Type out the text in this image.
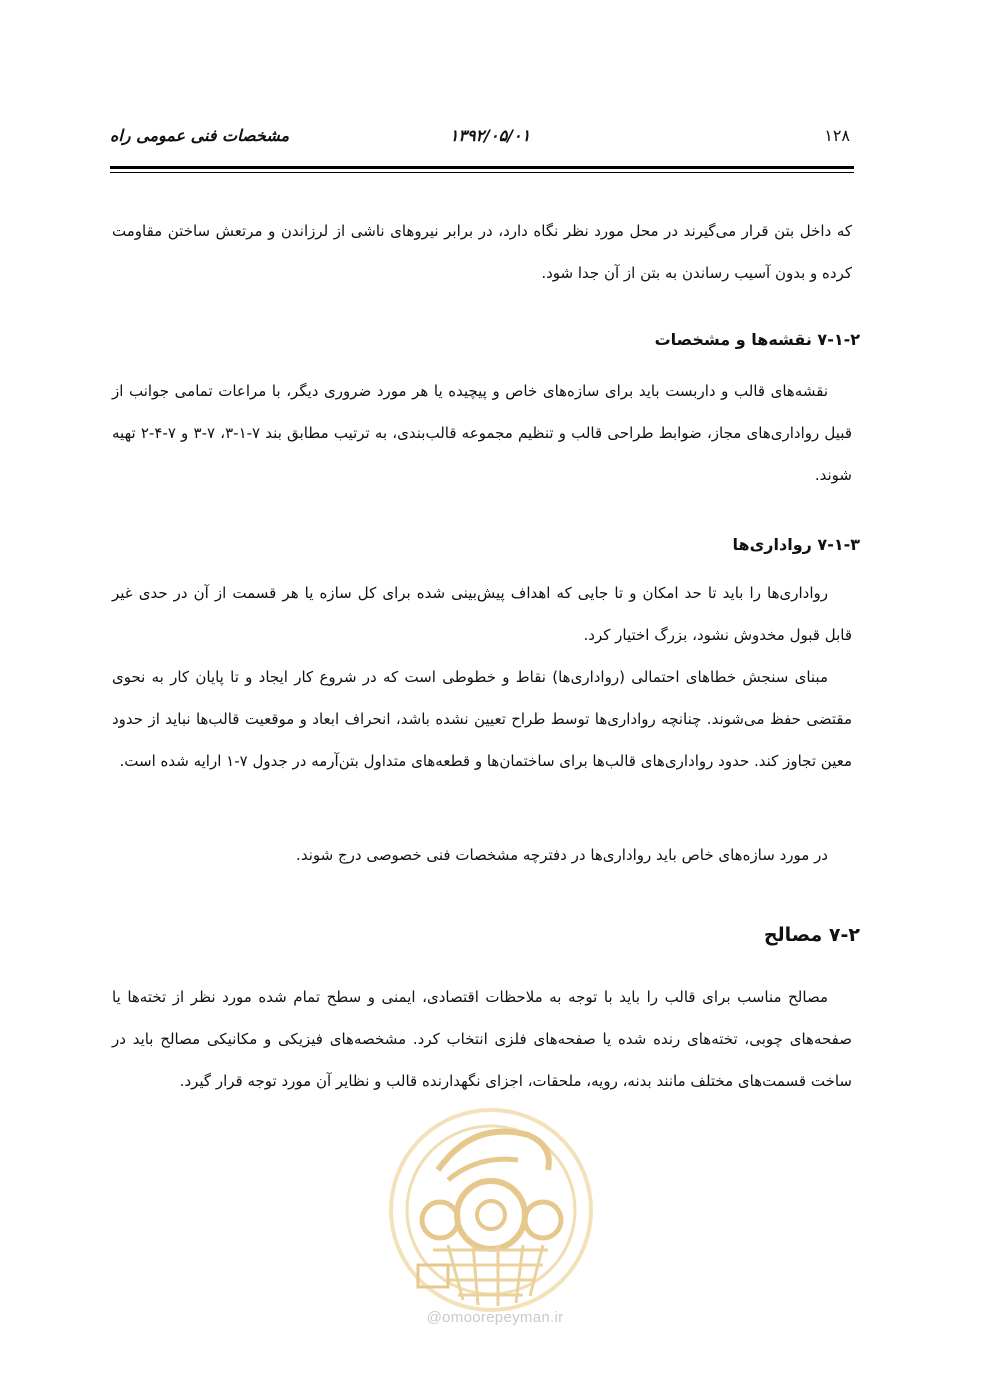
۱۲۸
۱۳۹۲/۰۵/۰۱
مشخصات فنی عمومی راه
که داخل بتن قرار می‌گیرند در محل مورد نظر نگاه دارد، در برابر نیروهای ناشی از لرزاندن و مرتعش ساختن مقاومت کرده و بدون آسیب رساندن به بتن از آن جدا شود.
۷-۱-۲ نقشه‌ها و مشخصات
نقشه‌های قالب و داربست باید برای سازه‌های خاص و پیچیده یا هر مورد ضروری دیگر، با مراعات تمامی جوانب از قبیل رواداری‌های مجاز، ضوابط طراحی قالب و تنظیم مجموعه قالب‌بندی، به ترتیب مطابق بند ۷-۱-۳، ۷-۳ و ۷-۴-۲ تهیه شوند.
۷-۱-۳ رواداری‌ها
رواداری‌ها را باید تا حد امکان و تا جایی که اهداف پیش‌بینی شده برای کل سازه یا هر قسمت از آن در حدی غیر قابل قبول مخدوش نشود، بزرگ اختیار کرد.
مبنای سنجش خطاهای احتمالی (رواداری‌ها) نقاط و خطوطی است که در شروع کار ایجاد و تا پایان کار به نحوی مقتضی حفظ می‌شوند. چنانچه رواداری‌ها توسط طراح تعیین نشده باشد، انحراف ابعاد و موقعیت قالب‌ها نباید از حدود معین تجاوز کند. حدود رواداری‌های قالب‌ها برای ساختمان‌ها و قطعه‌های متداول بتن‌آرمه در جدول ۷-۱ ارایه شده است.
در مورد سازه‌های خاص باید رواداری‌ها در دفترچه مشخصات فنی خصوصی درج شوند.
۷-۲ مصالح
مصالح مناسب برای قالب را باید با توجه به ملاحظات اقتصادی، ایمنی و سطح تمام شده مورد نظر از تخته‌ها یا صفحه‌های چوبی، تخته‌های رنده شده یا صفحه‌های فلزی انتخاب کرد. مشخصه‌های فیزیکی و مکانیکی مصالح باید در ساخت قسمت‌های مختلف مانند بدنه، رویه، ملحقات، اجزای نگهدارنده قالب و نظایر آن مورد توجه قرار گیرد.
@omoorepeyman.ir
